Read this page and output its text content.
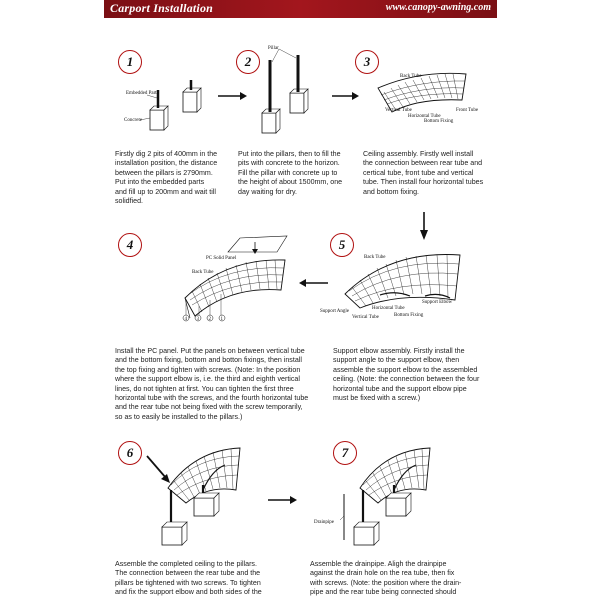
Carport Installation	www.canopy-awning.com
1	2	3
4	5
6	7
Firstly dig 2 pits of 400mm in the
installation position, the distance
between the pillars is 2790mm.
Put into the embedded parts
and fill up to 200mm and wait till
solidfied.
Put into the pillars, then to fill the
pits with concrete to the horizon.
Fill the pillar with concrete up to
the height of about 1500mm, one
day waiting for dry.
Ceiling assembly. Firstly well install
the connection between rear tube and
certical tube, front tube and vertical
tube. Then install four horizontal tubes
and bottom fixing.
Install the PC panel. Put the panels on between vertical tube
and the bottom fixing, bottom and botton fixings, then install
the top fixing and tighten with screws. (Note: In the position
where the support elbow is, i.e. the third and eighth vertical
lines, do not tighten at first. You can tighten the first three
horizontal tube with the screws, and the fourth horizontal tube
and the rear tube not being fixed with the screw temporarily,
so as to easily be installed to the pillars.)
Support elbow assembly. Firstly install the
support angle to the support elbow, then
assemble the support elbow to the assembled
ceiling. (Note: the connection between the four
horizontal tube and the support elbow pipe
must be fixed with a screw.)
Assemble the completed ceiling to the pillars.
The connection between the rear tube and the
pillars be tightened with two screws. To tighten
and fix the support elbow and both sides of the
Assemble the drainpipe. Aligh the drainpipe
against the drain hole on the rea tube, then fix
with screws. (Note: the position where the drain-
pipe and the rear tube being connected should
Embedded Parts
Concrete
Pillar
Back Tube
Vertical Tube	Front Tube
Horizontal Tube
Bottom Fixing
Back Tube
Support Angle
Vertical Tube
Horizontal Tube
Bottom Fixing
Support Elbow
4 3 2 1
PC Solid Panel
Back Tube
Drainpipe
